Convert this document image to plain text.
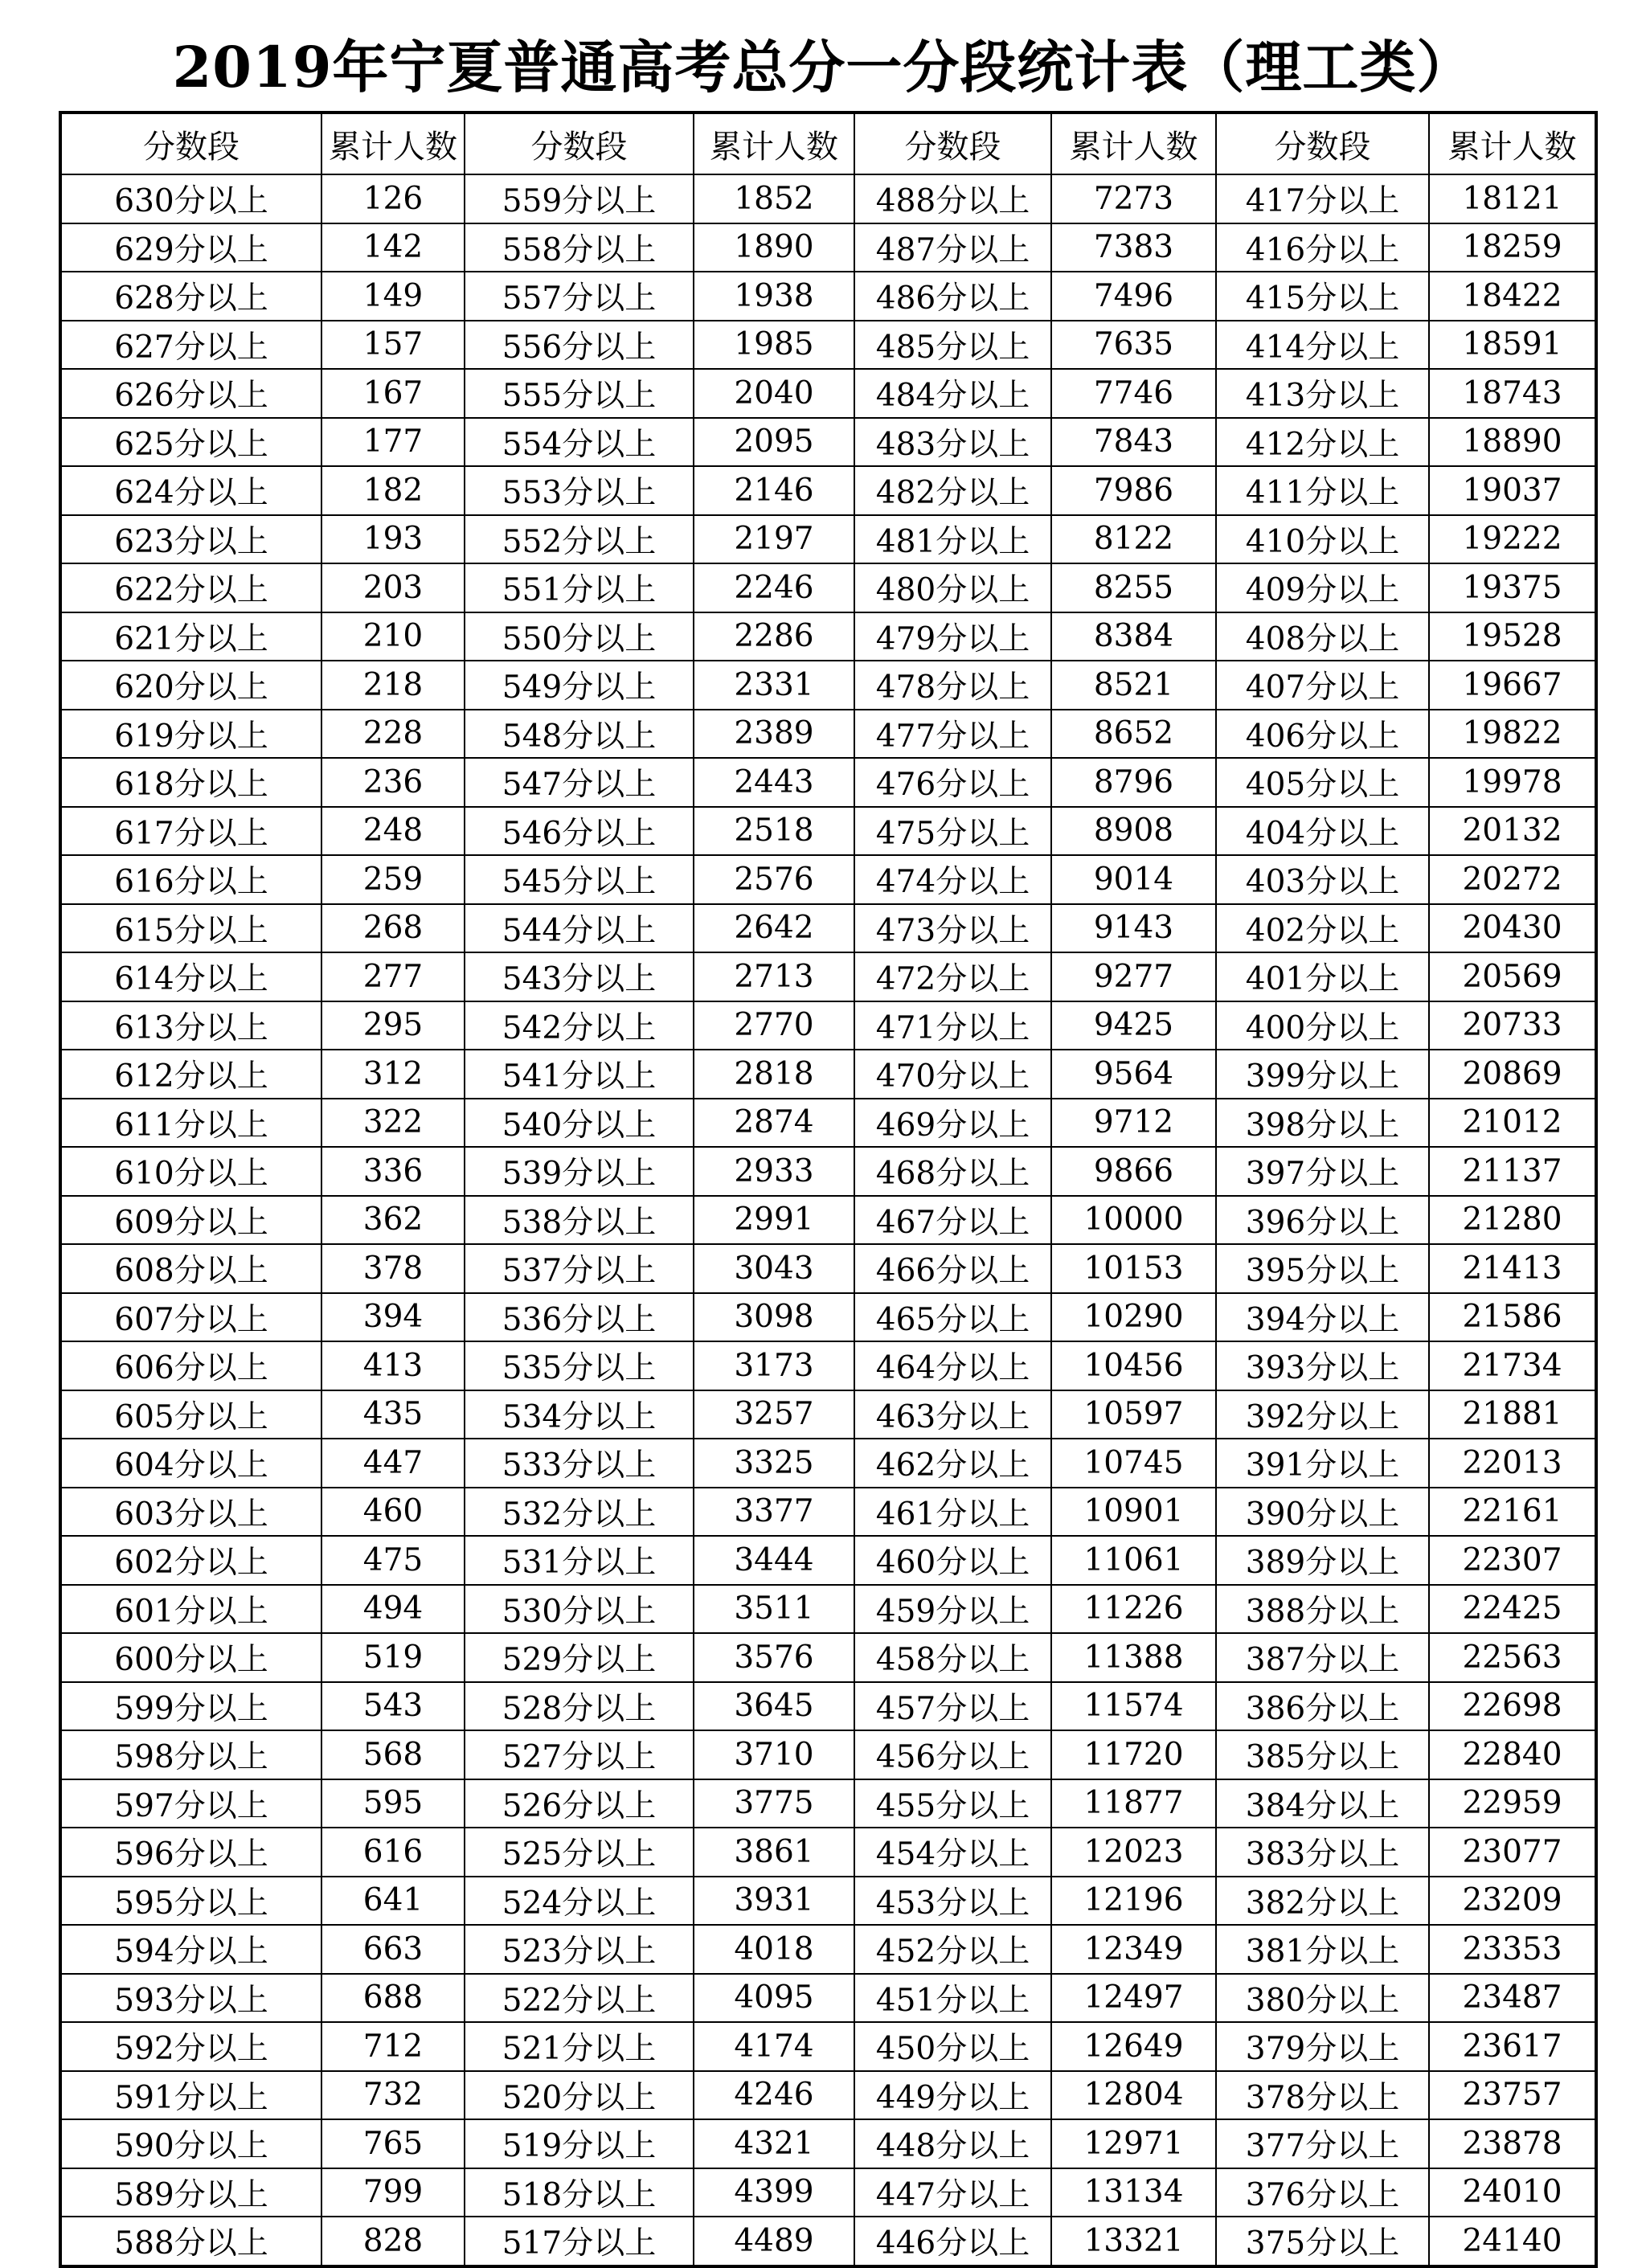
2019年宁夏普通高考总分一分段统计表（理工类）
分数段	累计人数	分数段	累计人数	分数段	累计人数	分数段	累计人数
630分以上	126	559分以上	1852	488分以上	7273	417分以上	18121
629分以上	142	558分以上	1890	487分以上	7383	416分以上	18259
628分以上	149	557分以上	1938	486分以上	7496	415分以上	18422
627分以上	157	556分以上	1985	485分以上	7635	414分以上	18591
626分以上	167	555分以上	2040	484分以上	7746	413分以上	18743
625分以上	177	554分以上	2095	483分以上	7843	412分以上	18890
624分以上	182	553分以上	2146	482分以上	7986	411分以上	19037
623分以上	193	552分以上	2197	481分以上	8122	410分以上	19222
622分以上	203	551分以上	2246	480分以上	8255	409分以上	19375
621分以上	210	550分以上	2286	479分以上	8384	408分以上	19528
620分以上	218	549分以上	2331	478分以上	8521	407分以上	19667
619分以上	228	548分以上	2389	477分以上	8652	406分以上	19822
618分以上	236	547分以上	2443	476分以上	8796	405分以上	19978
617分以上	248	546分以上	2518	475分以上	8908	404分以上	20132
616分以上	259	545分以上	2576	474分以上	9014	403分以上	20272
615分以上	268	544分以上	2642	473分以上	9143	402分以上	20430
614分以上	277	543分以上	2713	472分以上	9277	401分以上	20569
613分以上	295	542分以上	2770	471分以上	9425	400分以上	20733
612分以上	312	541分以上	2818	470分以上	9564	399分以上	20869
611分以上	322	540分以上	2874	469分以上	9712	398分以上	21012
610分以上	336	539分以上	2933	468分以上	9866	397分以上	21137
609分以上	362	538分以上	2991	467分以上	10000	396分以上	21280
608分以上	378	537分以上	3043	466分以上	10153	395分以上	21413
607分以上	394	536分以上	3098	465分以上	10290	394分以上	21586
606分以上	413	535分以上	3173	464分以上	10456	393分以上	21734
605分以上	435	534分以上	3257	463分以上	10597	392分以上	21881
604分以上	447	533分以上	3325	462分以上	10745	391分以上	22013
603分以上	460	532分以上	3377	461分以上	10901	390分以上	22161
602分以上	475	531分以上	3444	460分以上	11061	389分以上	22307
601分以上	494	530分以上	3511	459分以上	11226	388分以上	22425
600分以上	519	529分以上	3576	458分以上	11388	387分以上	22563
599分以上	543	528分以上	3645	457分以上	11574	386分以上	22698
598分以上	568	527分以上	3710	456分以上	11720	385分以上	22840
597分以上	595	526分以上	3775	455分以上	11877	384分以上	22959
596分以上	616	525分以上	3861	454分以上	12023	383分以上	23077
595分以上	641	524分以上	3931	453分以上	12196	382分以上	23209
594分以上	663	523分以上	4018	452分以上	12349	381分以上	23353
593分以上	688	522分以上	4095	451分以上	12497	380分以上	23487
592分以上	712	521分以上	4174	450分以上	12649	379分以上	23617
591分以上	732	520分以上	4246	449分以上	12804	378分以上	23757
590分以上	765	519分以上	4321	448分以上	12971	377分以上	23878
589分以上	799	518分以上	4399	447分以上	13134	376分以上	24010
588分以上	828	517分以上	4489	446分以上	13321	375分以上	24140
